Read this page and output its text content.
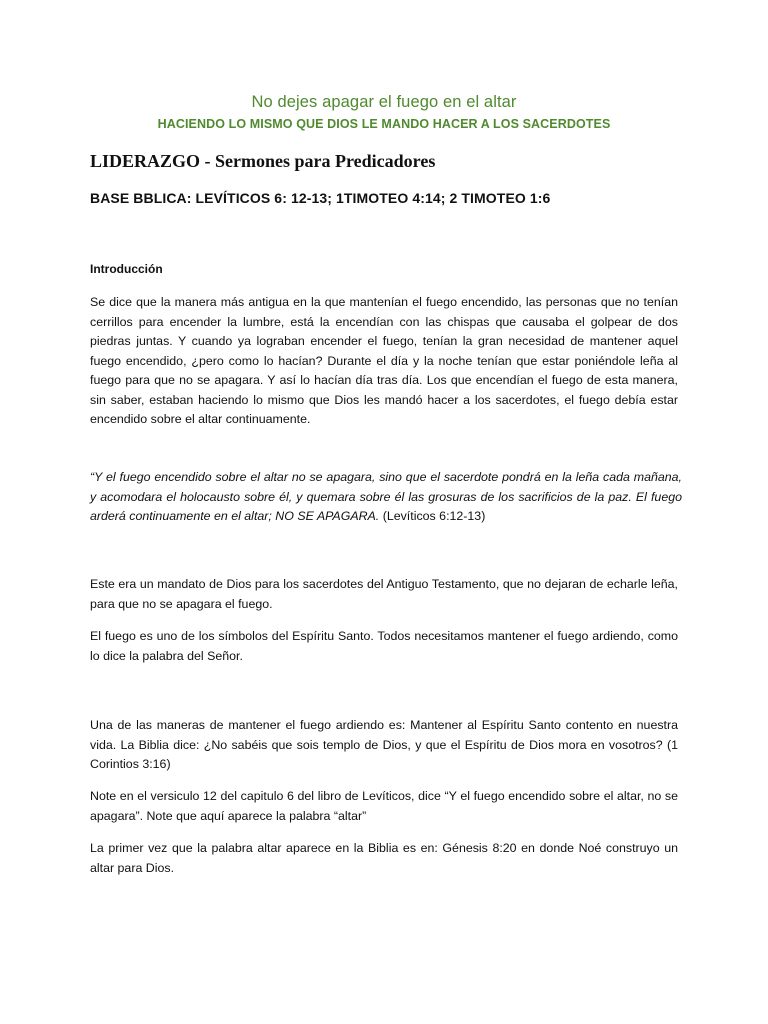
No dejes apagar el fuego en el altar
HACIENDO LO MISMO QUE DIOS LE MANDO HACER A LOS SACERDOTES
LIDERAZGO - Sermones para Predicadores
BASE BBLICA: LEVÍTICOS 6: 12-13; 1TIMOTEO 4:14; 2 TIMOTEO 1:6
Introducción
Se dice que la manera más antigua en la que mantenían el fuego encendido, las personas que no tenían cerrillos para encender la lumbre, está la encendían con las chispas que causaba el golpear de dos piedras juntas. Y cuando ya lograban encender el fuego, tenían la gran necesidad de mantener aquel fuego encendido, ¿pero como lo hacían? Durante el día y la noche tenían que estar poniéndole leña al fuego para que no se apagara. Y así lo hacían día tras día. Los que encendían el fuego de esta manera, sin saber, estaban haciendo lo mismo que Dios les mandó hacer a los sacerdotes, el fuego debía estar encendido sobre el altar continuamente.
“Y el fuego encendido sobre el altar no se apagara, sino que el sacerdote pondrá en la leña cada mañana, y acomodara el holocausto sobre él, y quemara sobre él las grosuras de los sacrificios de la paz. El fuego arderá continuamente en el altar; NO SE APAGARA. (Levíticos 6:12-13)
Este era un mandato de Dios para los sacerdotes del Antiguo Testamento, que no dejaran de echarle leña, para que no se apagara el fuego.
El fuego es uno de los símbolos del Espíritu Santo. Todos necesitamos mantener el fuego ardiendo, como lo dice la palabra del Señor.
Una de las maneras de mantener el fuego ardiendo es: Mantener al Espíritu Santo contento en nuestra vida. La Biblia dice: ¿No sabéis que sois templo de Dios, y que el Espíritu de Dios mora en vosotros? (1 Corintios 3:16)
Note en el versiculo 12 del capitulo 6 del libro de Levíticos, dice “Y el fuego encendido sobre el altar, no se apagara”. Note que aquí aparece la palabra “altar”
La primer vez que la palabra altar aparece en la Biblia es en: Génesis 8:20 en donde Noé construyo un altar para Dios.
